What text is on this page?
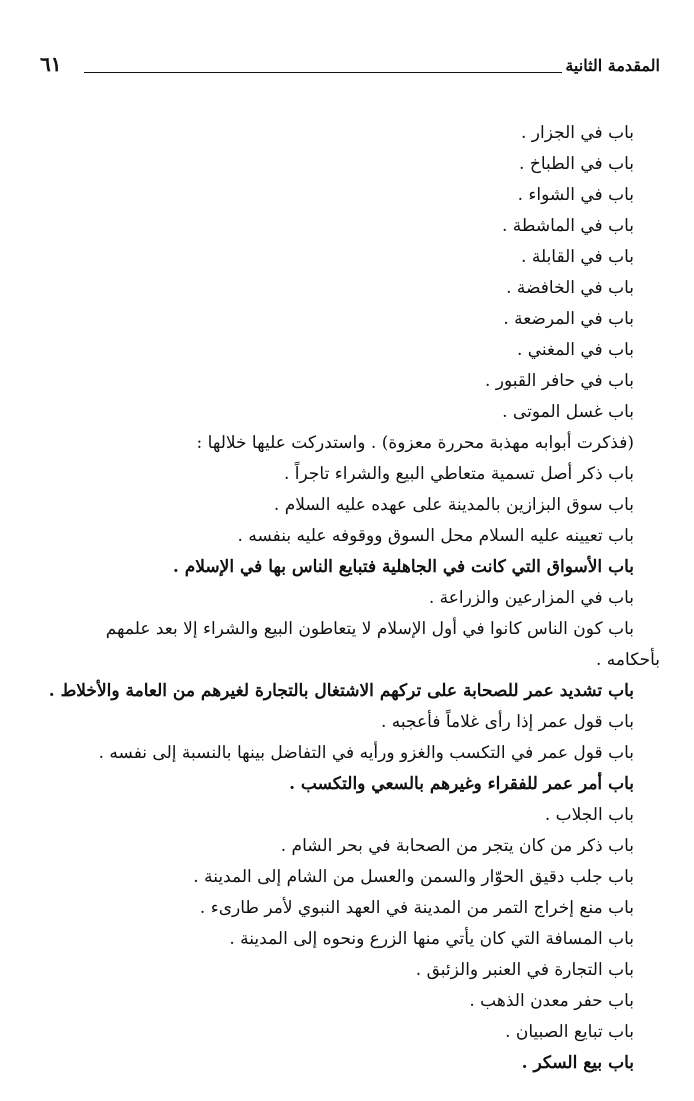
المقدمة الثانية
٦١
باب في الجزار .
باب في الطباخ .
باب في الشواء .
باب في الماشطة .
باب في القابلة .
باب في الخافضة .
باب في المرضعة .
باب في المغني .
باب في حافر القبور .
باب غسل الموتى .
(فذكرت أبوابه مهذبة محررة معزوة) . واستدركت عليها خلالها :
باب ذكر أصل تسمية متعاطي البيع والشراء تاجراً .
باب سوق البزازين بالمدينة على عهده عليه السلام .
باب تعيينه عليه السلام محل السوق ووقوفه عليه بنفسه .
باب الأسواق التي كانت في الجاهلية فتبايع الناس بها في الإسلام .
باب في المزارعين والزراعة .
باب كون الناس كانوا في أول الإسلام لا يتعاطون البيع والشراء إلا بعد علمهم
بأحكامه .
باب تشديد عمر للصحابة على تركهم الاشتغال بالتجارة لغيرهم من العامة والأخلاط .
باب قول عمر إذا رأى غلاماً فأعجبه .
باب قول عمر في التكسب والغزو ورأيه في التفاضل بينها بالنسبة إلى نفسه .
باب أمر عمر للفقراء وغيرهم بالسعي والتكسب .
باب الجلاب .
باب ذكر من كان يتجر من الصحابة في بحر الشام .
باب جلب دقيق الحوّار والسمن والعسل من الشام إلى المدينة .
باب منع إخراج التمر من المدينة في العهد النبوي لأمر طارىء .
باب المسافة التي كان يأتي منها الزرع ونحوه إلى المدينة .
باب التجارة في العنبر والزئبق .
باب حفر معدن الذهب .
باب تبايع الصبيان .
باب بيع السكر .
